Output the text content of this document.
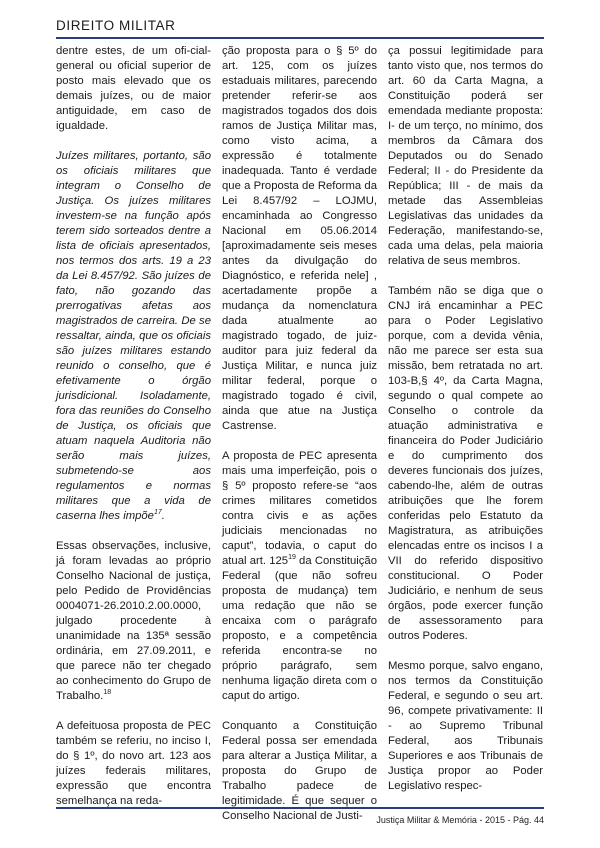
DIREITO MILITAR

dentre estes, de um ofi-cial-general ou oficial superior de posto mais elevado que os demais juízes, ou de maior antiguidade, em caso de igualdade.

Juízes militares, portanto, são os oficiais militares que integram o Conselho de Justiça. Os juízes militares investem-se na função após terem sido sorteados dentre a lista de oficiais apresentados, nos termos dos arts. 19 a 23 da Lei 8.457/92. São juízes de fato, não gozando das prerrogativas afetas aos magistrados de carreira. De se ressaltar, ainda, que os oficiais são juízes militares estando reunido o conselho, que é efetivamente o órgão jurisdicional. Isoladamente, fora das reuniões do Conselho de Justiça, os oficiais que atuam naquela Auditoria não serão mais juízes, submetendo-se aos regulamentos e normas militares que a vida de caserna lhes impõe$^{17}$.

Essas observações, inclusive, já foram levadas ao próprio Conselho Nacional de justiça, pelo Pedido de Providências 0004071-26.2010.2.00.0000, julgado procedente à unanimidade na 135ª sessão ordinária, em 27.09.2011, e que parece não ter chegado ao conhecimento do Grupo de Trabalho.$^{18}$

A defeituosa proposta de PEC também se referiu, no inciso I, do § 1º, do novo art. 123 aos juízes federais militares, expressão que encontra semelhança na reda-

ção proposta para o § 5º do art. 125, com os juízes estaduais militares, parecendo pretender referir-se aos magistrados togados dos dois ramos de Justiça Militar mas, como visto acima, a expressão é totalmente inadequada. Tanto é verdade que a Proposta de Reforma da Lei 8.457/92 – LOJMU, encaminhada ao Congresso Nacional em 05.06.2014 [aproximadamente seis meses antes da divulgação do Diagnóstico, e referida nele] , acertadamente propõe a mudança da nomenclatura dada atualmente ao magistrado togado, de juiz-auditor para juiz federal da Justiça Militar, e nunca juiz militar federal, porque o magistrado togado é civil, ainda que atue na Justiça Castrense.

A proposta de PEC apresenta mais uma imperfeição, pois o § 5º proposto refere-se “aos crimes militares cometidos contra civis e as ações judiciais mencionadas no caput”, todavia, o caput do atual art. $125^{19}$ da Constituição Federal (que não sofreu proposta de mudança) tem uma redação que não se encaixa com o parágrafo proposto, e a competência referida encontra-se no próprio parágrafo, sem nenhuma ligação direta com o caput do artigo.

Conquanto a Constituição Federal possa ser emendada para alterar a Justiça Militar, a proposta do Grupo de Trabalho padece de legitimidade. É que sequer o Conselho Nacional de Justi-

ça possui legitimidade para tanto visto que, nos termos do art. 60 da Carta Magna, a Constituição poderá ser emendada mediante proposta: I- de um terço, no mínimo, dos membros da Câmara dos Deputados ou do Senado Federal; II - do Presidente da República; III - de mais da metade das Assembleias Legislativas das unidades da Federação, manifestando-se, cada uma delas, pela maioria relativa de seus membros.

Também não se diga que o CNJ irá encaminhar a PEC para o Poder Legislativo porque, com a devida vênia, não me parece ser esta sua missão, bem retratada no art. 103-B,§ 4º, da Carta Magna, segundo o qual compete ao Conselho o controle da atuação administrativa e financeira do Poder Judiciário e do cumprimento dos deveres funcionais dos juízes, cabendo-lhe, além de outras atribuições que lhe forem conferidas pelo Estatuto da Magistratura, as atribuições elencadas entre os incisos I a VII do referido dispositivo constitucional. O Poder Judiciário, e nenhum de seus órgãos, pode exercer função de assessoramento para outros Poderes.

Mesmo porque, salvo engano, nos termos da Constituição Federal, e segundo o seu art. 96, compete privativamente: II - ao Supremo Tribunal Federal, aos Tribunais Superiores e aos Tribunais de Justiça propor ao Poder Legislativo respec-

Justiça Militar & Memória - 2015 - Pág. 44
